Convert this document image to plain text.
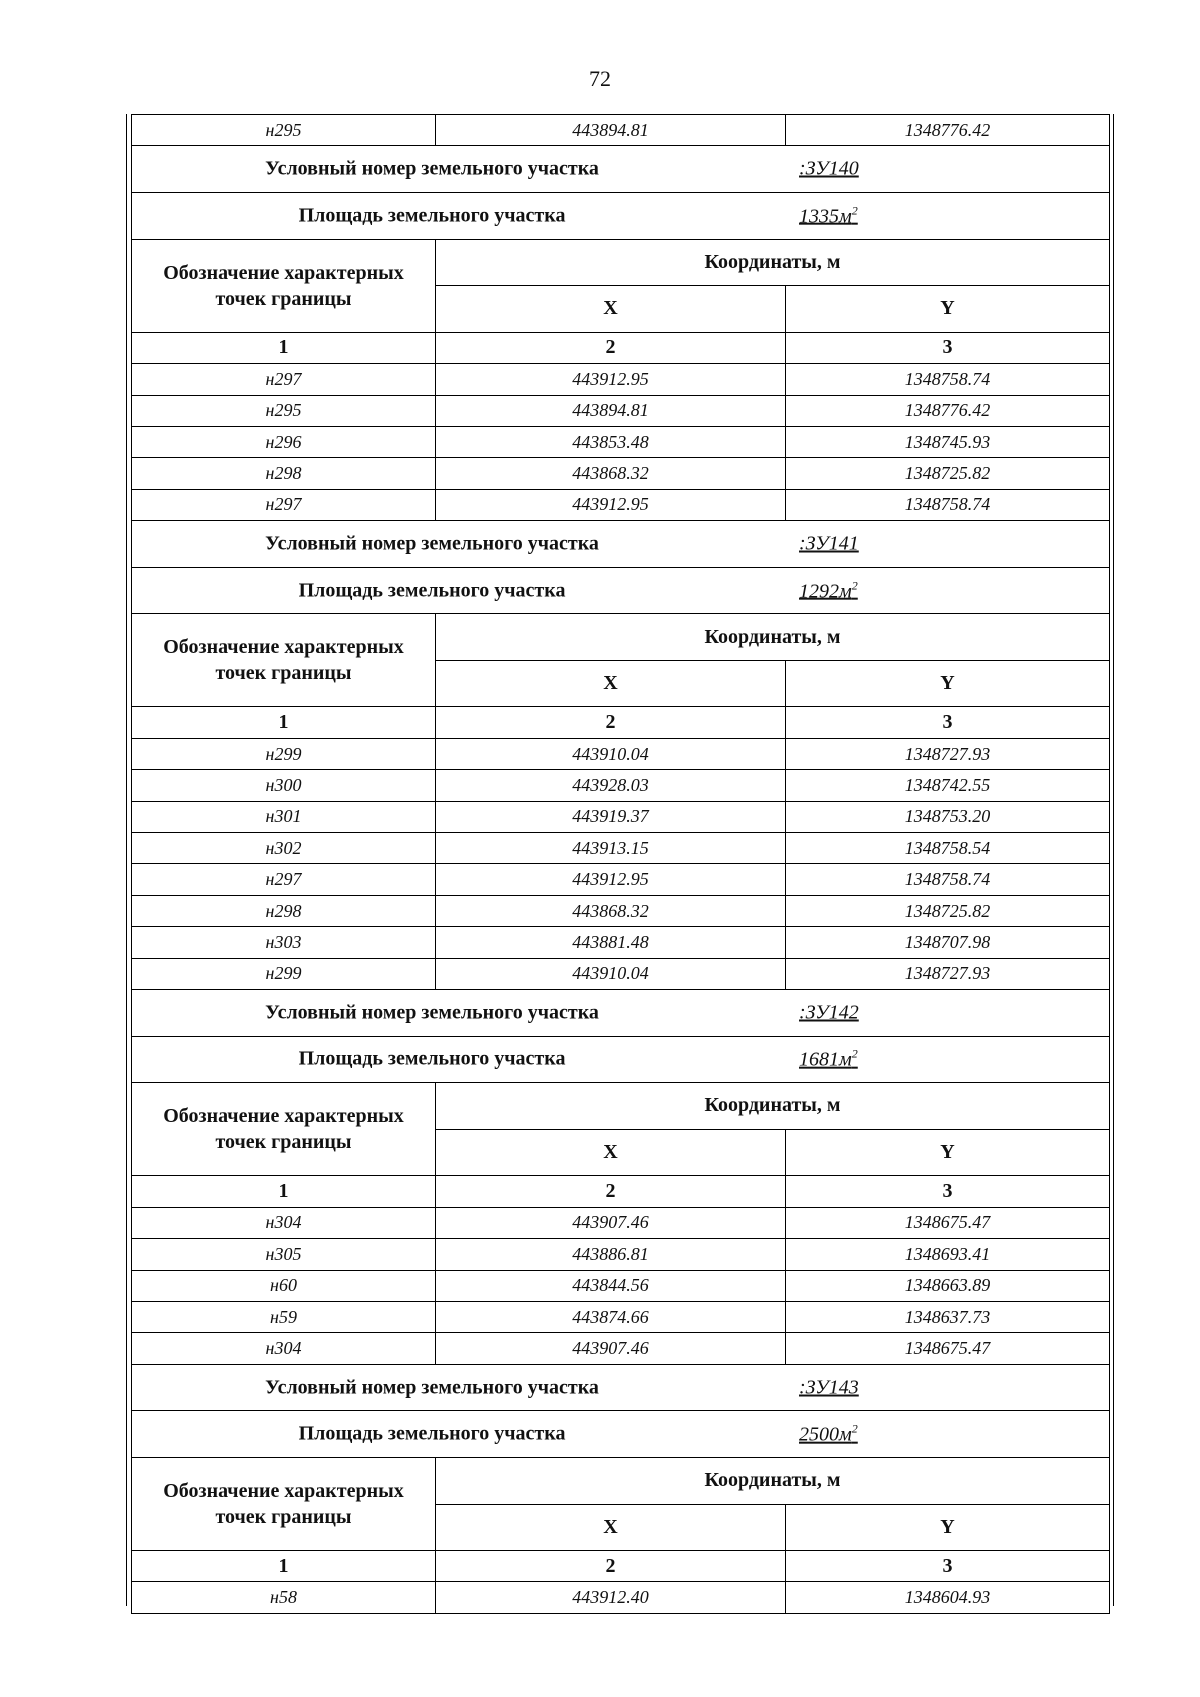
72
н295	443894.81	1348776.42

Условный номер земельного участка :ЗУ140		

Площадь земельного участка $1335м^2$

Обозначение характерных
точек границы	Координаты, м	
	X	Y
1	2	3
н297	443912.95	1348758.74
н295	443894.81	1348776.42
н296	443853.48	1348745.93
н298	443868.32	1348725.82
н297	443912.95	1348758.74

Условный номер земельного участка :ЗУ141		

Площадь земельного участка $1292м^2$

Обозначение характерных
точек границы	Координаты, м	
	X	Y
1	2	3
н299	443910.04	1348727.93
н300	443928.03	1348742.55
н301	443919.37	1348753.20
н302	443913.15	1348758.54
н297	443912.95	1348758.74
н298	443868.32	1348725.82
н303	443881.48	1348707.98
н299	443910.04	1348727.93

Условный номер земельного участка :ЗУ142		

Площадь земельного участка $1681м^2$

Обозначение характерных
точек границы	Координаты, м	
	X	Y
1	2	3
н304	443907.46	1348675.47
н305	443886.81	1348693.41
н60	443844.56	1348663.89
н59	443874.66	1348637.73
н304	443907.46	1348675.47

Условный номер земельного участка :ЗУ143		

Площадь земельного участка $2500м^2$

Обозначение характерных
точек границы	Координаты, м	
	X	Y
1	2	3
н58	443912.40	1348604.93
